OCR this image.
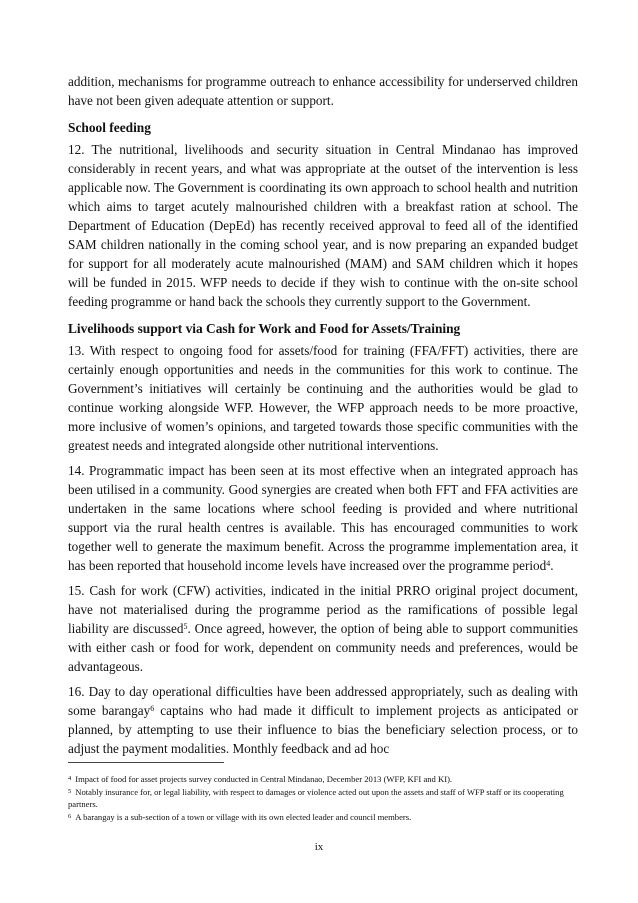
addition, mechanisms for programme outreach to enhance accessibility for underserved children have not been given adequate attention or support.

School feeding

12. The nutritional, livelihoods and security situation in Central Mindanao has improved considerably in recent years, and what was appropriate at the outset of the intervention is less applicable now. The Government is coordinating its own approach to school health and nutrition which aims to target acutely malnourished children with a breakfast ration at school. The Department of Education (DepEd) has recently received approval to feed all of the identified SAM children nationally in the coming school year, and is now preparing an expanded budget for support for all moderately acute malnourished (MAM) and SAM children which it hopes will be funded in 2015. WFP needs to decide if they wish to continue with the on-site school feeding programme or hand back the schools they currently support to the Government.

Livelihoods support via Cash for Work and Food for Assets/Training

13. With respect to ongoing food for assets/food for training (FFA/FFT) activities, there are certainly enough opportunities and needs in the communities for this work to continue. The Government’s initiatives will certainly be continuing and the authorities would be glad to continue working alongside WFP. However, the WFP approach needs to be more proactive, more inclusive of women’s opinions, and targeted towards those specific communities with the greatest needs and integrated alongside other nutritional interventions.

14. Programmatic impact has been seen at its most effective when an integrated approach has been utilised in a community. Good synergies are created when both FFT and FFA activities are undertaken in the same locations where school feeding is provided and where nutritional support via the rural health centres is available. This has encouraged communities to work together well to generate the maximum benefit. Across the programme implementation area, it has been reported that household income levels have increased over the programme period$^4$.

15. Cash for work (CFW) activities, indicated in the initial PRRO original project document, have not materialised during the programme period as the ramifications of possible legal liability are discussed$^5$. Once agreed, however, the option of being able to support communities with either cash or food for work, dependent on community needs and preferences, would be advantageous.

16. Day to day operational difficulties have been addressed appropriately, such as dealing with some barangay$^6$ captains who had made it difficult to implement projects as anticipated or planned, by attempting to use their influence to bias the beneficiary selection process, or to adjust the payment modalities. Monthly feedback and ad hoc

$^4$ Impact of food for asset projects survey conducted in Central Mindanao, December 2013 (WFP, KFI and KI).

$^5$ Notably insurance for, or legal liability, with respect to damages or violence acted out upon the assets and staff of WFP staff or its cooperating partners.

$^6$ A barangay is a sub-section of a town or village with its own elected leader and council members.

ix
